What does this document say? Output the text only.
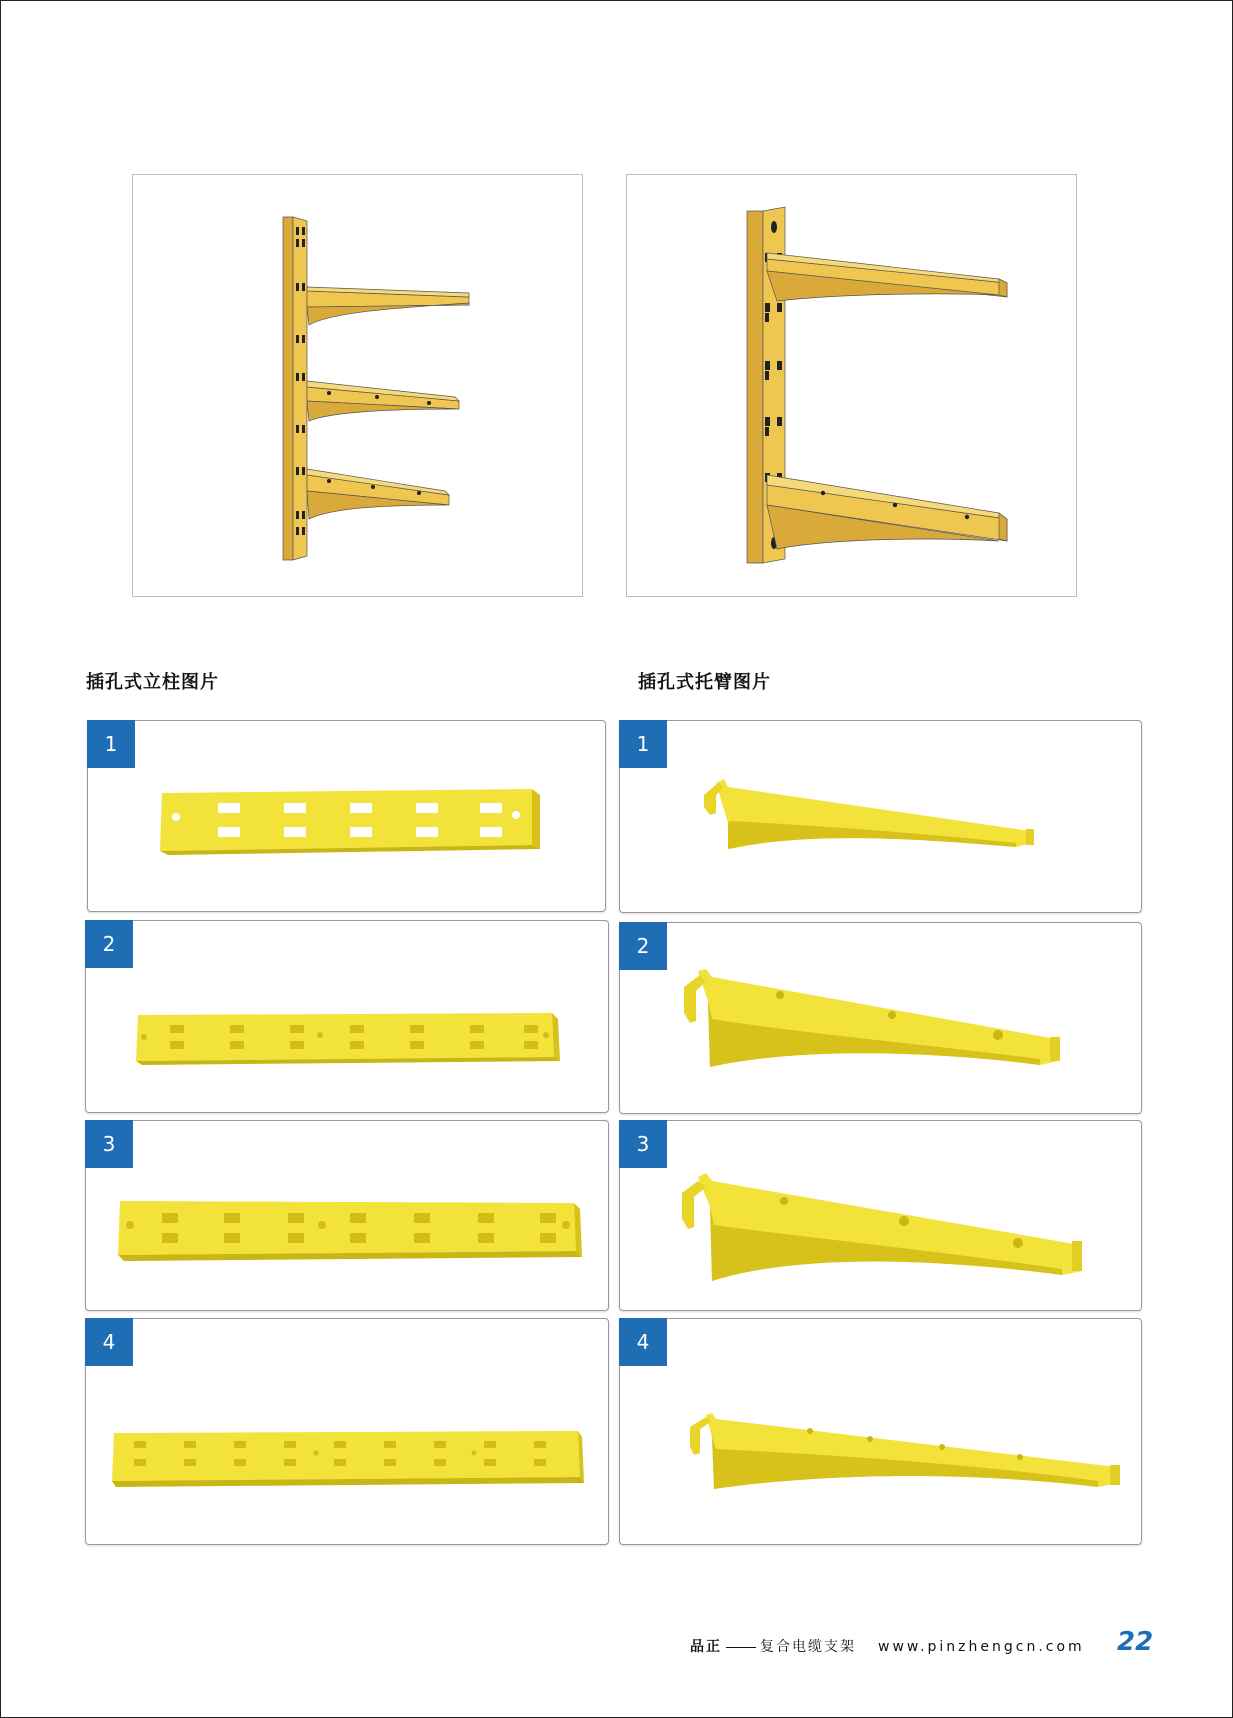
插孔式立柱图片	插孔式托臂图片
1
2
3
4
1
2
3
4
品正	复合电缆支架 www.pinzhengcn.com 22
